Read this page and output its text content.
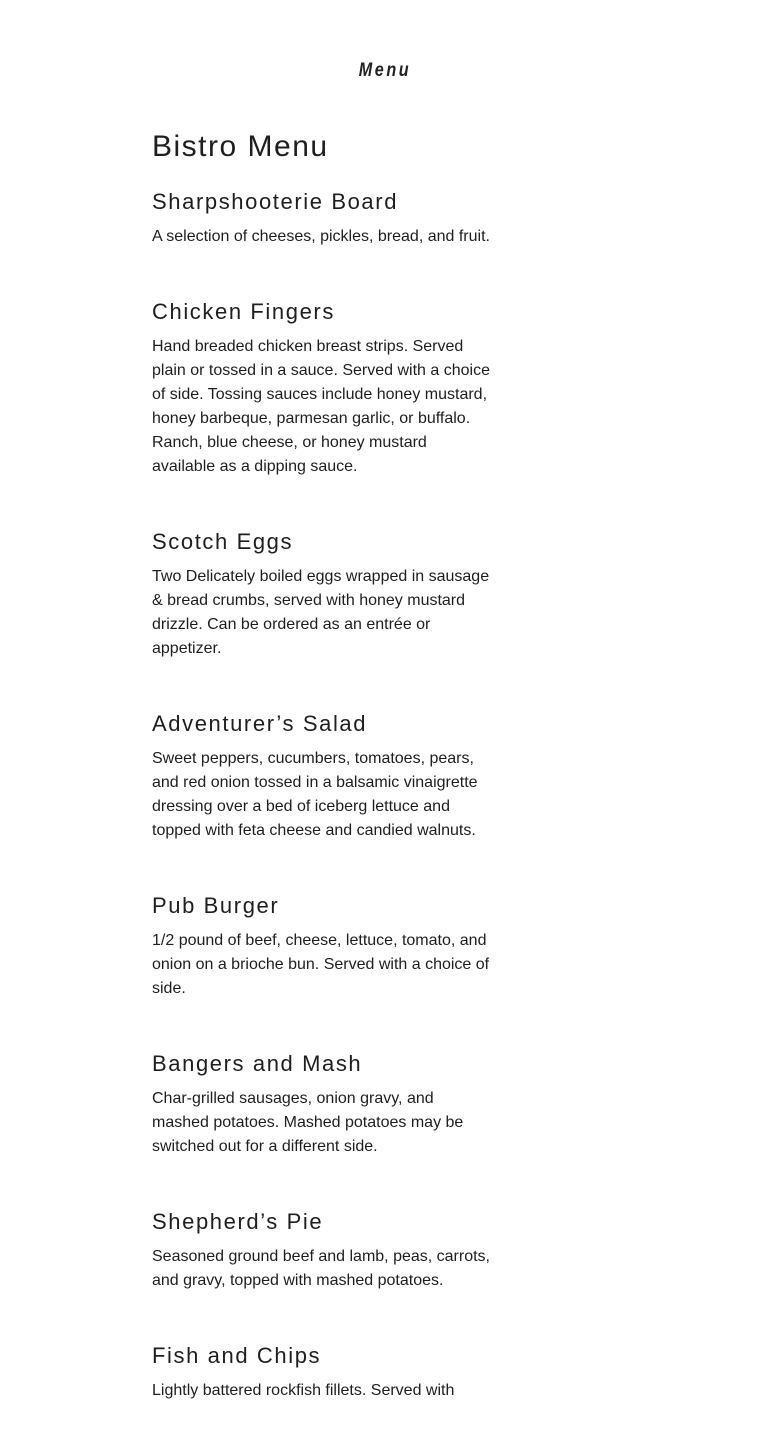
Menu
Bistro Menu
Sharpshooterie Board

A selection of cheeses, pickles, bread, and fruit.

Chicken Fingers

Hand breaded chicken breast strips. Served plain or tossed in a sauce. Served with a choice of side. Tossing sauces include honey mustard, honey barbeque, parmesan garlic, or buffalo. Ranch, blue cheese, or honey mustard available as a dipping sauce.

Scotch Eggs

Two Delicately boiled eggs wrapped in sausage & bread crumbs, served with honey mustard drizzle. Can be ordered as an entrée or appetizer.

Adventurer’s Salad

Sweet peppers, cucumbers, tomatoes, pears, and red onion tossed in a balsamic vinaigrette dressing over a bed of iceberg lettuce and topped with feta cheese and candied walnuts.

Pub Burger

1/2 pound of beef, cheese, lettuce, tomato, and onion on a brioche bun. Served with a choice of side.

Bangers and Mash

Char-grilled sausages, onion gravy, and mashed potatoes. Mashed potatoes may be switched out for a different side.

Shepherd’s Pie

Seasoned ground beef and lamb, peas, carrots, and gravy, topped with mashed potatoes.

Fish and Chips

Lightly battered rockfish fillets. Served with
